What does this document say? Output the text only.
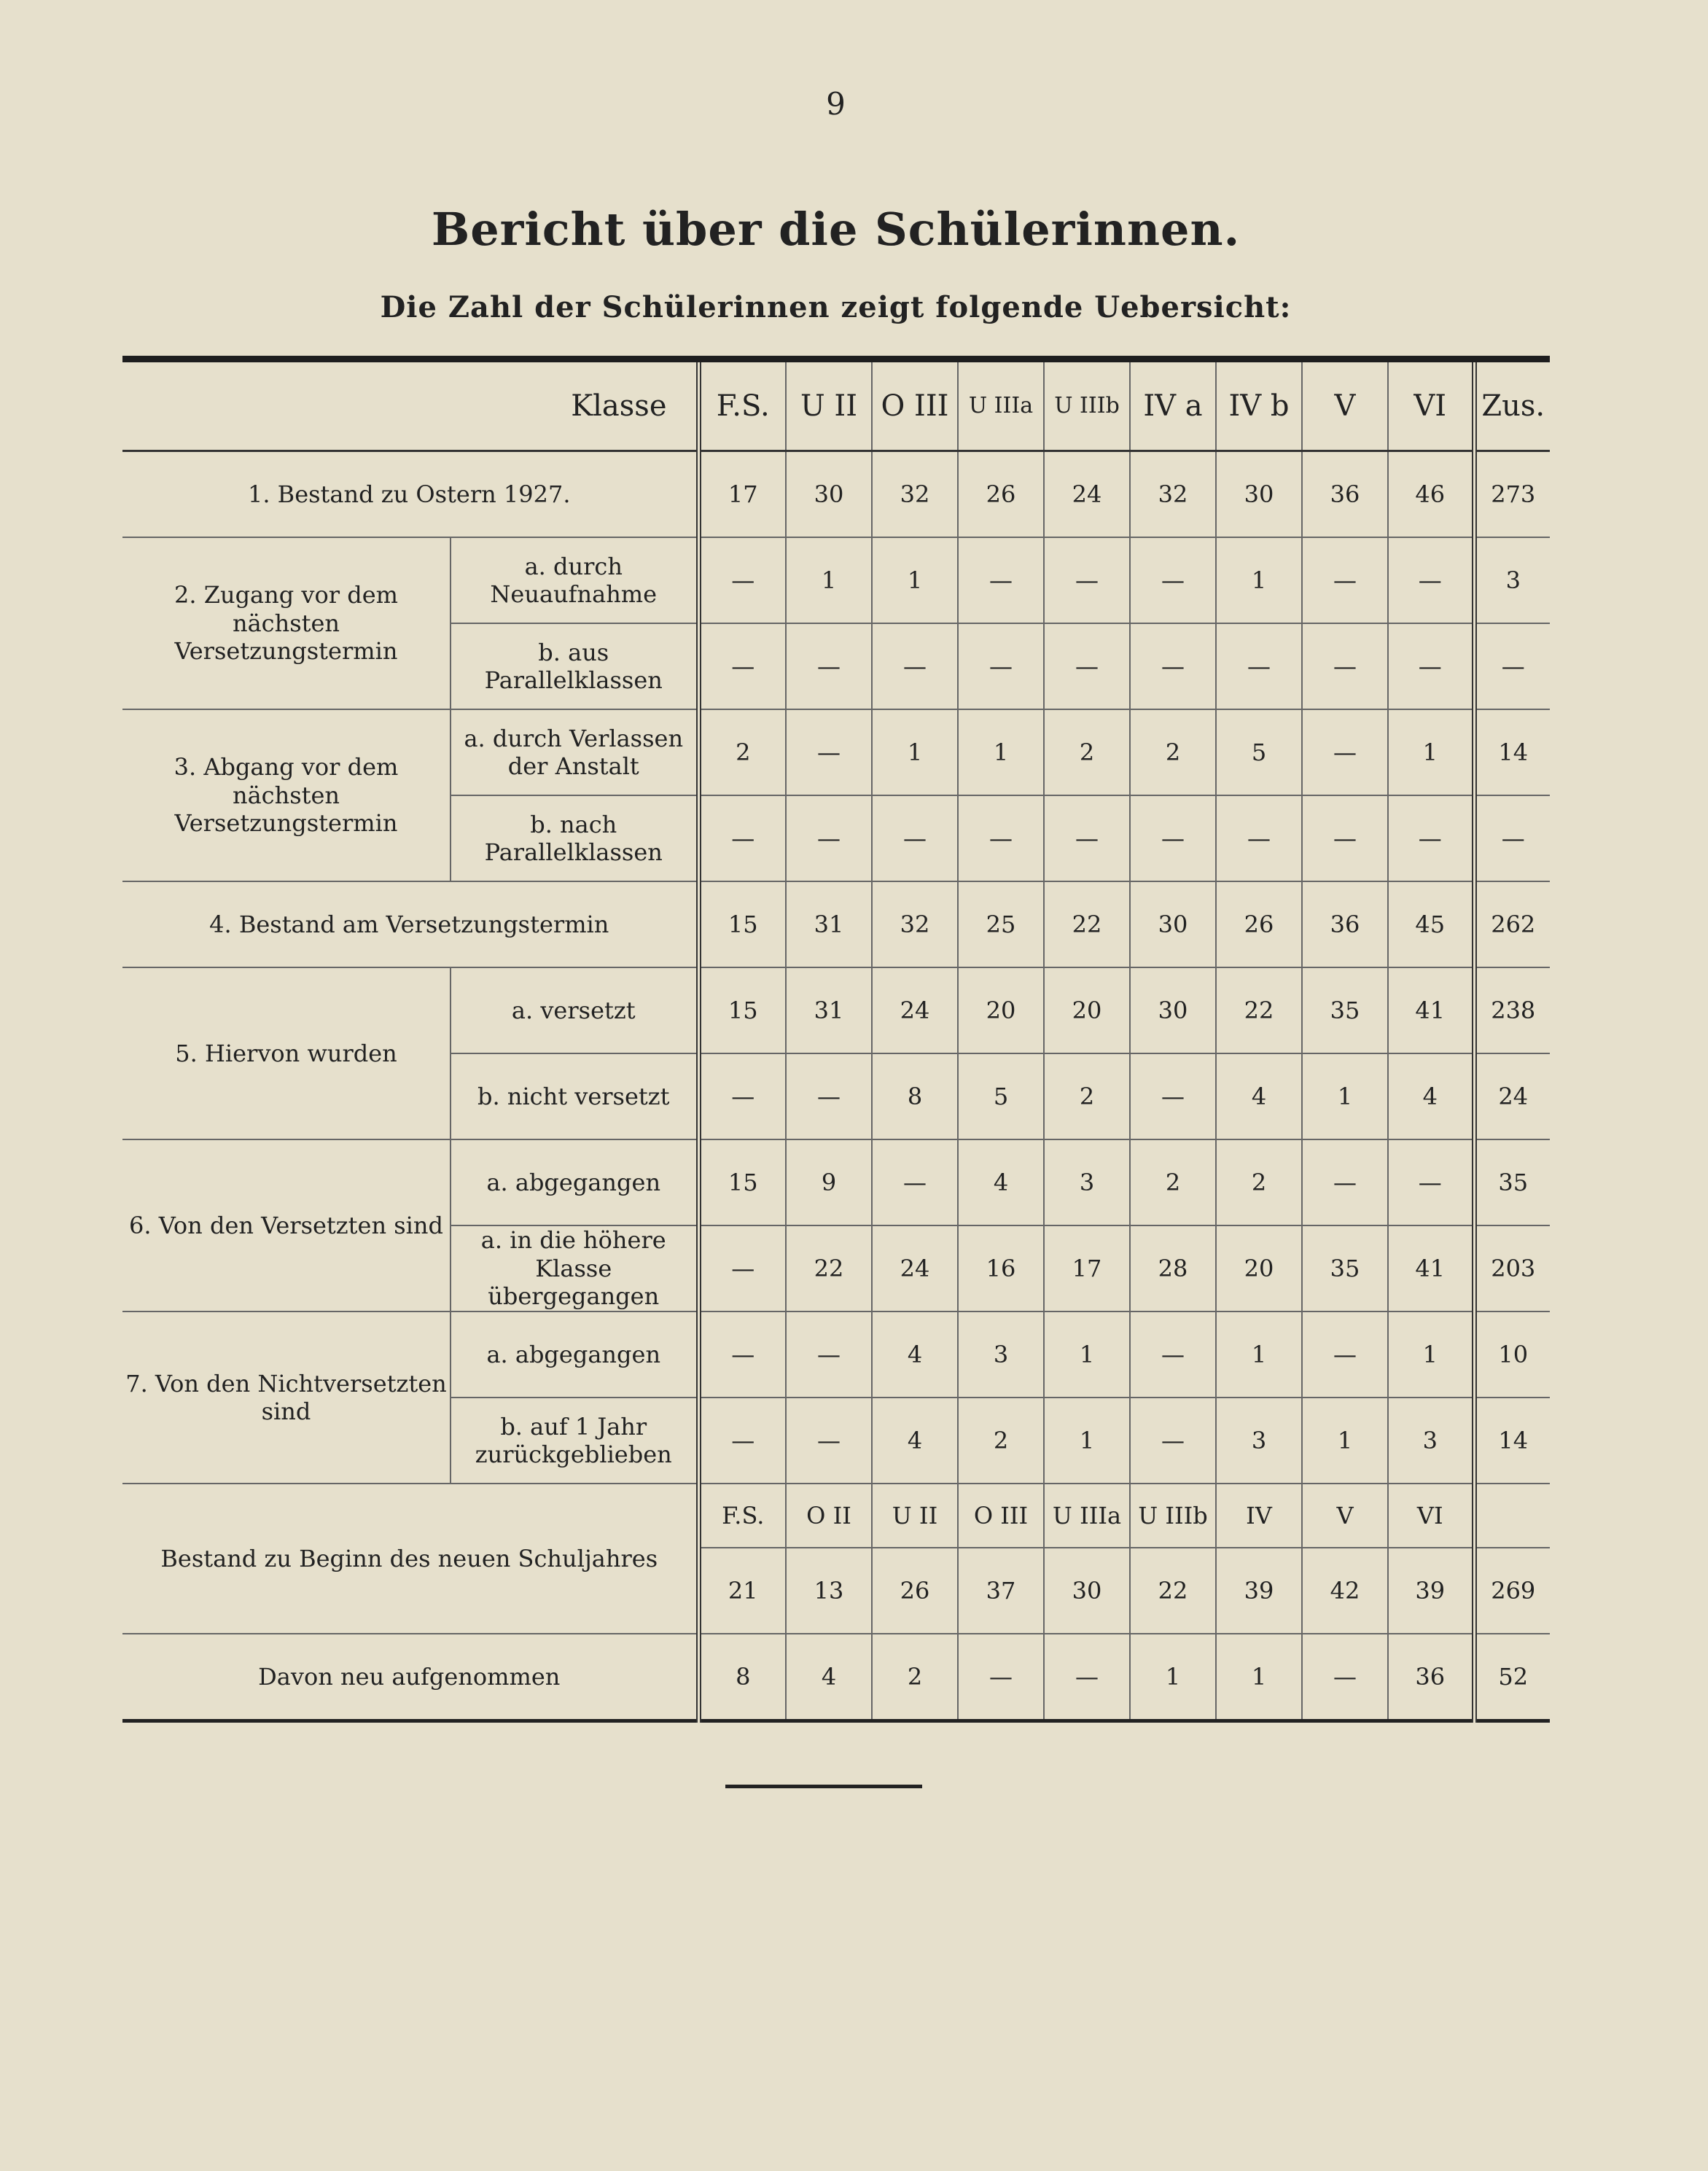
9
Bericht über die Schülerinnen.
Die Zahl der Schülerinnen zeigt folgende Uebersicht:
Klasse		F.S.	U II	O III	U IIIa	U IIIb	IV a	IV b	V	VI	Zus.
1. Bestand zu Ostern 1927.		17	30	32	26	24	32	30	36	46	273
2. Zugang vor dem nächsten Versetzungstermin	a. durch Neuaufnahme	—	1	1	—	—	—	1	—	—	3
	b. aus Parallelklassen	—	—	—	—	—	—	—	—	—	—
3. Abgang vor dem nächsten Versetzungstermin	a. durch Verlassen der Anstalt	2	—	1	1	2	2	5	—	1	14
	b. nach Parallelklassen	—	—	—	—	—	—	—	—	—	—
4. Bestand am Versetzungstermin		15	31	32	25	22	30	26	36	45	262
5. Hiervon wurden	a. versetzt	15	31	24	20	20	30	22	35	41	238
	b. nicht versetzt	—	—	8	5	2	—	4	1	4	24
6. Von den Versetzten sind	a. abgegangen	15	9	—	4	3	2	2	—	—	35
	a. in die höhere Klasse übergegangen	—	22	24	16	17	28	20	35	41	203
7. Von den Nichtversetzten sind	a. abgegangen	—	—	4	3	1	—	1	—	1	10
	b. auf 1 Jahr zurückgeblieben	—	—	4	2	1	—	3	1	3	14
Bestand zu Beginn des neuen Schuljahres		F.S.	O II	U II	O III	U IIIa	U IIIb	IV	V	VI	
		21	13	26	37	30	22	39	42	39	269
Davon neu aufgenommen		8	4	2	—	—	1	1	—	36	52
